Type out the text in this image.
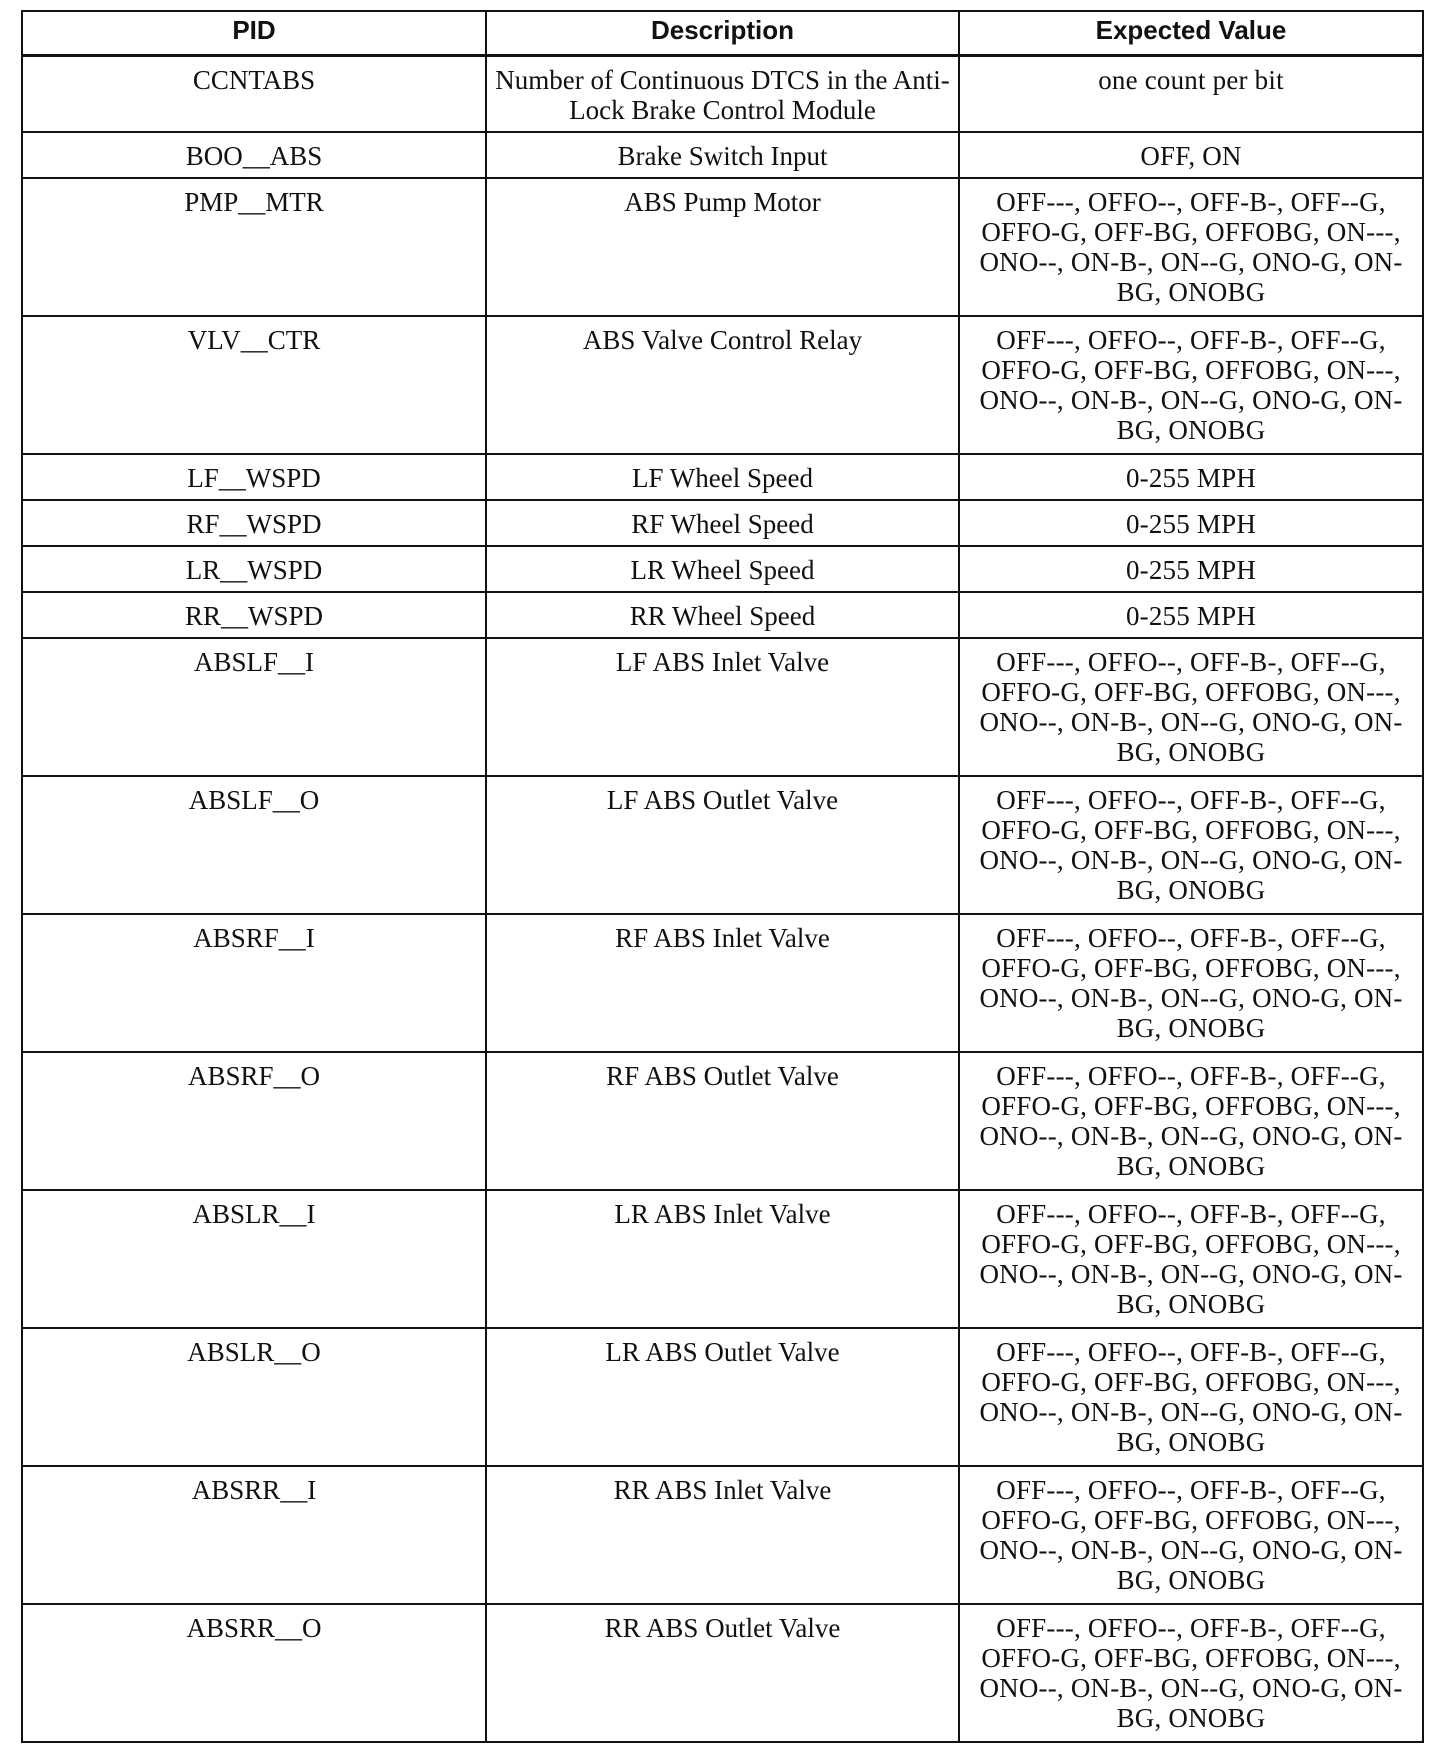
PID	Description	Expected Value
CCNTABS	Number of Continuous DTCS in the Anti-Lock Brake Control Module	one count per bit
BOO__ABS	Brake Switch Input	OFF, ON
PMP__MTR	ABS Pump Motor	OFF---, OFFO--, OFF-B-, OFF--G, OFFO-G, OFF-BG, OFFOBG, ON---, ONO--, ON-B-, ON--G, ONO-G, ON-BG, ONOBG
VLV__CTR	ABS Valve Control Relay	OFF---, OFFO--, OFF-B-, OFF--G, OFFO-G, OFF-BG, OFFOBG, ON---, ONO--, ON-B-, ON--G, ONO-G, ON-BG, ONOBG
LF__WSPD	LF Wheel Speed	0-255 MPH
RF__WSPD	RF Wheel Speed	0-255 MPH
LR__WSPD	LR Wheel Speed	0-255 MPH
RR__WSPD	RR Wheel Speed	0-255 MPH
ABSLF__I	LF ABS Inlet Valve	OFF---, OFFO--, OFF-B-, OFF--G, OFFO-G, OFF-BG, OFFOBG, ON---, ONO--, ON-B-, ON--G, ONO-G, ON-BG, ONOBG
ABSLF__O	LF ABS Outlet Valve	OFF---, OFFO--, OFF-B-, OFF--G, OFFO-G, OFF-BG, OFFOBG, ON---, ONO--, ON-B-, ON--G, ONO-G, ON-BG, ONOBG
ABSRF__I	RF ABS Inlet Valve	OFF---, OFFO--, OFF-B-, OFF--G, OFFO-G, OFF-BG, OFFOBG, ON---, ONO--, ON-B-, ON--G, ONO-G, ON-BG, ONOBG
ABSRF__O	RF ABS Outlet Valve	OFF---, OFFO--, OFF-B-, OFF--G, OFFO-G, OFF-BG, OFFOBG, ON---, ONO--, ON-B-, ON--G, ONO-G, ON-BG, ONOBG
ABSLR__I	LR ABS Inlet Valve	OFF---, OFFO--, OFF-B-, OFF--G, OFFO-G, OFF-BG, OFFOBG, ON---, ONO--, ON-B-, ON--G, ONO-G, ON-BG, ONOBG
ABSLR__O	LR ABS Outlet Valve	OFF---, OFFO--, OFF-B-, OFF--G, OFFO-G, OFF-BG, OFFOBG, ON---, ONO--, ON-B-, ON--G, ONO-G, ON-BG, ONOBG
ABSRR__I	RR ABS Inlet Valve	OFF---, OFFO--, OFF-B-, OFF--G, OFFO-G, OFF-BG, OFFOBG, ON---, ONO--, ON-B-, ON--G, ONO-G, ON-BG, ONOBG
ABSRR__O	RR ABS Outlet Valve	OFF---, OFFO--, OFF-B-, OFF--G, OFFO-G, OFF-BG, OFFOBG, ON---, ONO--, ON-B-, ON--G, ONO-G, ON-BG, ONOBG
